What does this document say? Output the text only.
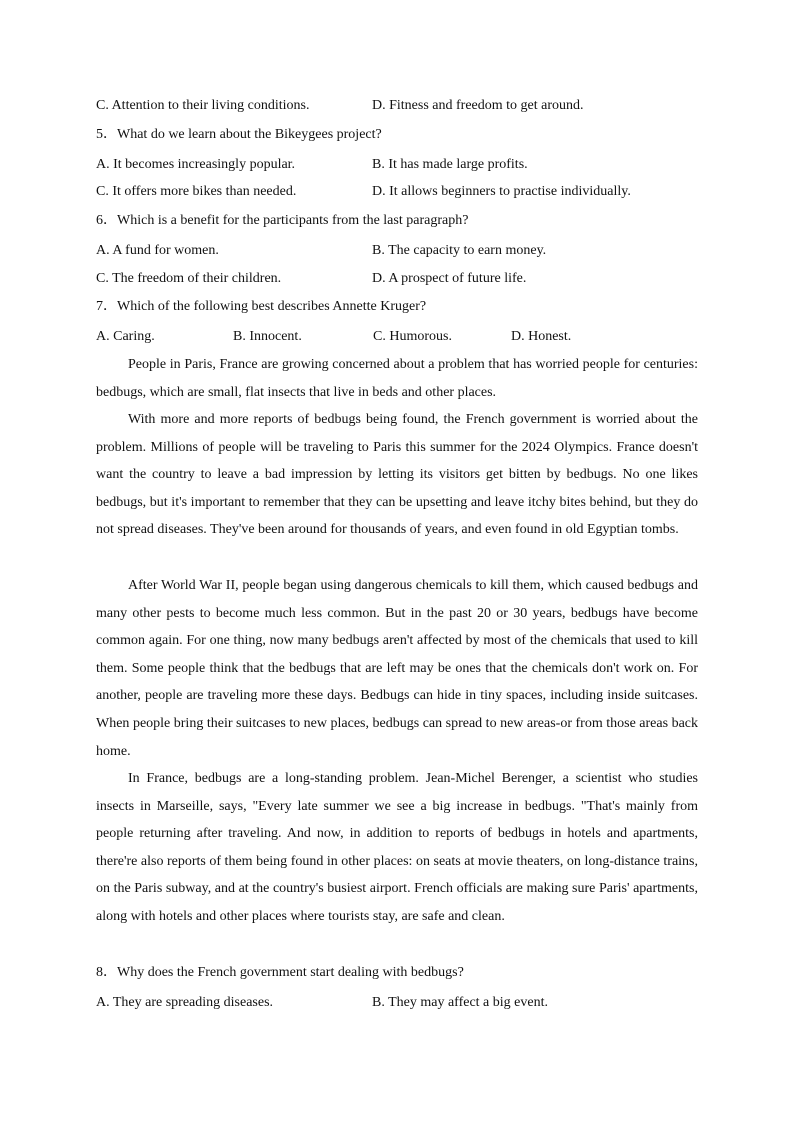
C. Attention to their living conditions.	D. Fitness and freedom to get around.
5．What do we learn about the Bikeygees project?
A. It becomes increasingly popular.	B. It has made large profits.
C. It offers more bikes than needed.	D. It allows beginners to practise individually.
6．Which is a benefit for the participants from the last paragraph?
A. A fund for women.	B. The capacity to earn money.
C. The freedom of their children.	D. A prospect of future life.
7．Which of the following best describes Annette Kruger?
A. Caring.	B. Innocent.	C. Humorous.	D. Honest.

People in Paris, France are growing concerned about a problem that has worried people for centuries: bedbugs, which are small, flat insects that live in beds and other places.

With more and more reports of bedbugs being found, the French government is worried about the problem. Millions of people will be traveling to Paris this summer for the 2024 Olympics. France doesn't want the country to leave a bad impression by letting its visitors get bitten by bedbugs. No one likes bedbugs, but it's important to remember that they can be upsetting and leave itchy bites behind, but they do not spread diseases. They've been around for thousands of years, and even found in old Egyptian tombs.

After World War II, people began using dangerous chemicals to kill them, which caused bedbugs and many other pests to become much less common. But in the past 20 or 30 years, bedbugs have become common again. For one thing, now many bedbugs aren't affected by most of the chemicals that used to kill them. Some people think that the bedbugs that are left may be ones that the chemicals don't work on. For another, people are traveling more these days. Bedbugs can hide in tiny spaces, including inside suitcases. When people bring their suitcases to new places, bedbugs can spread to new areas-or from those areas back home.

In France, bedbugs are a long-standing problem. Jean-Michel Berenger, a scientist who studies insects in Marseille, says, "Every late summer we see a big increase in bedbugs. "That's mainly from people returning after traveling. And now, in addition to reports of bedbugs in hotels and apartments, there're also reports of them being found in other places: on seats at movie theaters, on long-distance trains, on the Paris subway, and at the country's busiest airport. French officials are making sure Paris' apartments, along with hotels and other places where tourists stay, are safe and clean.

8．Why does the French government start dealing with bedbugs?
A. They are spreading diseases.	B. They may affect a big event.
